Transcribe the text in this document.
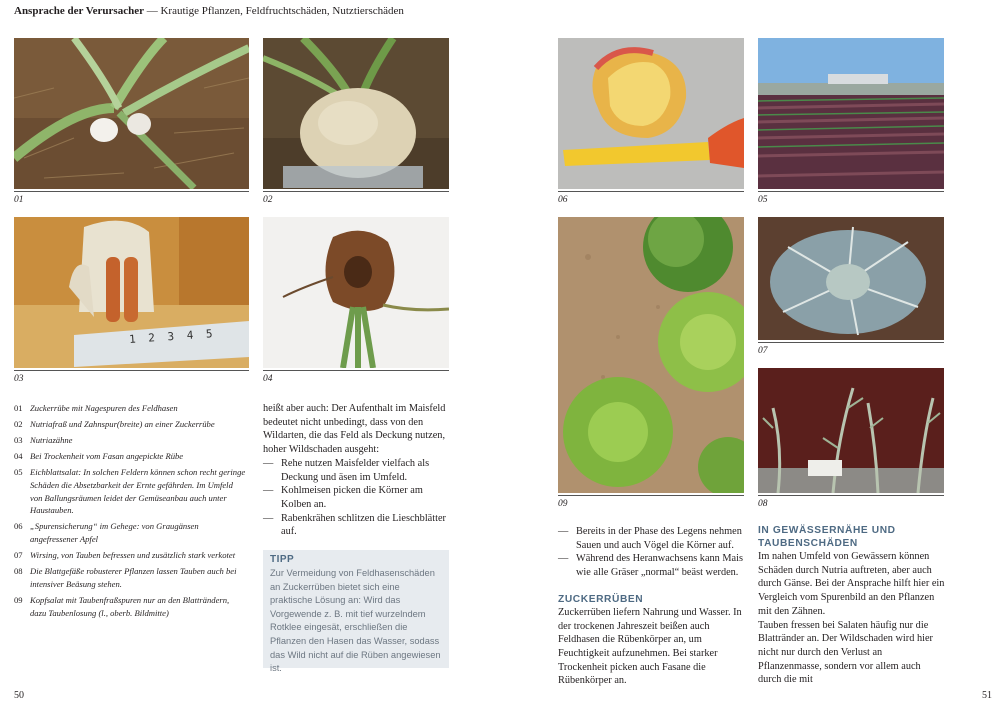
Ansprache der Verursacher — Krautige Pflanzen, Feldfruchtschäden, Nutztierschäden
01	02
1 2 3 4 5
03	04
01 Zuckerrübe mit Nagespuren des Feldhasen
02 Nutriafraß und Zahnspur(breite) an einer Zuckerrübe
03 Nutriazähne
04 Bei Trockenheit vom Fasan angepickte Rübe
05 Eichblattsalat: In solchen Feldern können schon recht geringe Schäden die Absetzbarkeit der Ernte gefährden. Im Umfeld von Ballungsräumen leidet der Gemüseanbau auch unter Haustauben.
06 „Spurensicherung“ im Gehege: von Graugänsen angefressener Apfel
07 Wirsing, von Tauben befressen und zusätzlich stark verkotet
08 Die Blattgefäße robusterer Pflanzen lassen Tauben auch bei intensiver Beäsung stehen.
09 Kopfsalat mit Taubenfraßspuren nur an den Blatträndern, dazu Taubenlosung (l., oberb. Bildmitte)
heißt aber auch: Der Aufenthalt im Maisfeld bedeutet nicht unbedingt, dass von den Wildarten, die das Feld als Deckung nutzen, hoher Wildschaden ausgeht:
— Rehe nutzen Maisfelder vielfach als Deckung und äsen im Umfeld.
— Kohlmeisen picken die Körner am Kolben an.
— Rabenkrähen schlitzen die Lieschblätter auf.
TIPP
Zur Vermeidung von Feldhasenschäden an Zuckerrüben bietet sich eine praktische Lösung an: Wird das Vorgewende z. B. mit tief wurzelndem Rotklee eingesät, erschließen die Pflanzen den Hasen das Wasser, sodass das Wild nicht auf die Rüben angewiesen ist.
06	05
09
07
08
— Bereits in der Phase des Legens nehmen Sauen und auch Vögel die Körner auf.
— Während des Heranwachsens kann Mais wie alle Gräser „normal“ beäst werden.
ZUCKERRÜBEN
Zuckerrüben liefern Nahrung und Wasser. In der trockenen Jahreszeit beißen auch Feldhasen die Rübenkörper an, um Feuchtigkeit aufzunehmen. Bei starker Trockenheit picken auch Fasane die Rübenkörper an.
IN GEWÄSSERNÄHE UND
TAUBENSCHÄDEN
Im nahen Umfeld von Gewässern können Schäden durch Nutria auftreten, aber auch durch Gänse. Bei der Ansprache hilft hier ein Vergleich vom Spurenbild an den Pflanzen mit den Zähnen.
Tauben fressen bei Salaten häufig nur die Blattränder an. Der Wildschaden wird hier nicht nur durch den Verlust an Pflanzenmasse, sondern vor allem auch durch die mit
50	51
